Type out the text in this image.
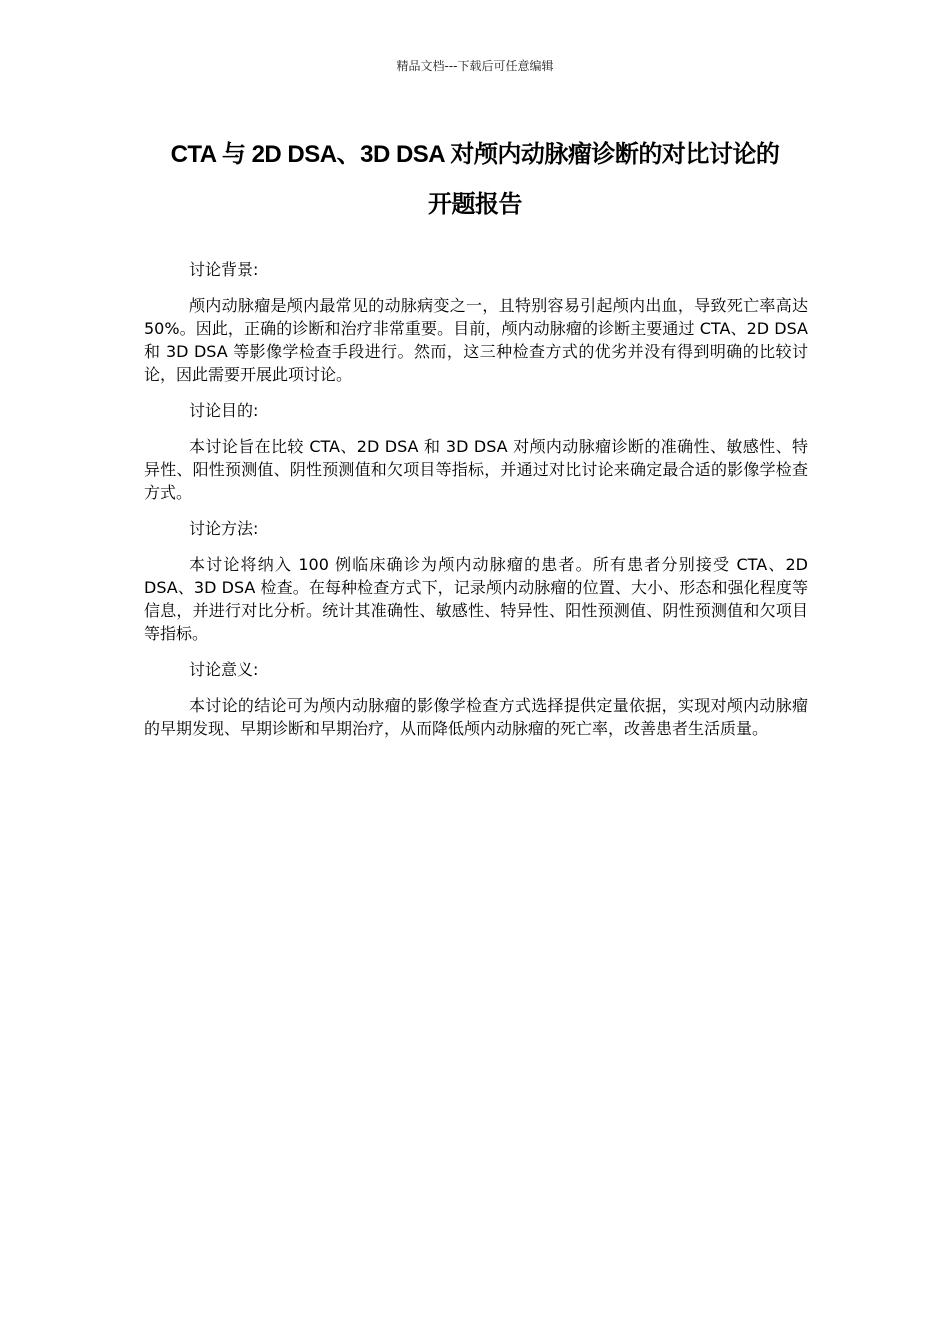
精品文档---下载后可任意编辑
CTA 与 2D DSA、3D DSA 对颅内动脉瘤诊断的对比讨论的
开题报告
讨论背景:
颅内动脉瘤是颅内最常见的动脉病变之一，且特别容易引起颅内出血，导致死亡率高达 50%。因此，正确的诊断和治疗非常重要。目前，颅内动脉瘤的诊断主要通过 CTA、2D DSA 和 3D DSA 等影像学检查手段进行。然而，这三种检查方式的优劣并没有得到明确的比较讨论，因此需要开展此项讨论。
讨论目的:
本讨论旨在比较 CTA、2D DSA 和 3D DSA 对颅内动脉瘤诊断的准确性、敏感性、特异性、阳性预测值、阴性预测值和欠项目等指标，并通过对比讨论来确定最合适的影像学检查方式。
讨论方法:
本讨论将纳入 100 例临床确诊为颅内动脉瘤的患者。所有患者分别接受 CTA、2D DSA、3D DSA 检查。在每种检查方式下，记录颅内动脉瘤的位置、大小、形态和强化程度等信息，并进行对比分析。统计其准确性、敏感性、特异性、阳性预测值、阴性预测值和欠项目等指标。
讨论意义:
本讨论的结论可为颅内动脉瘤的影像学检查方式选择提供定量依据，实现对颅内动脉瘤的早期发现、早期诊断和早期治疗，从而降低颅内动脉瘤的死亡率，改善患者生活质量。
